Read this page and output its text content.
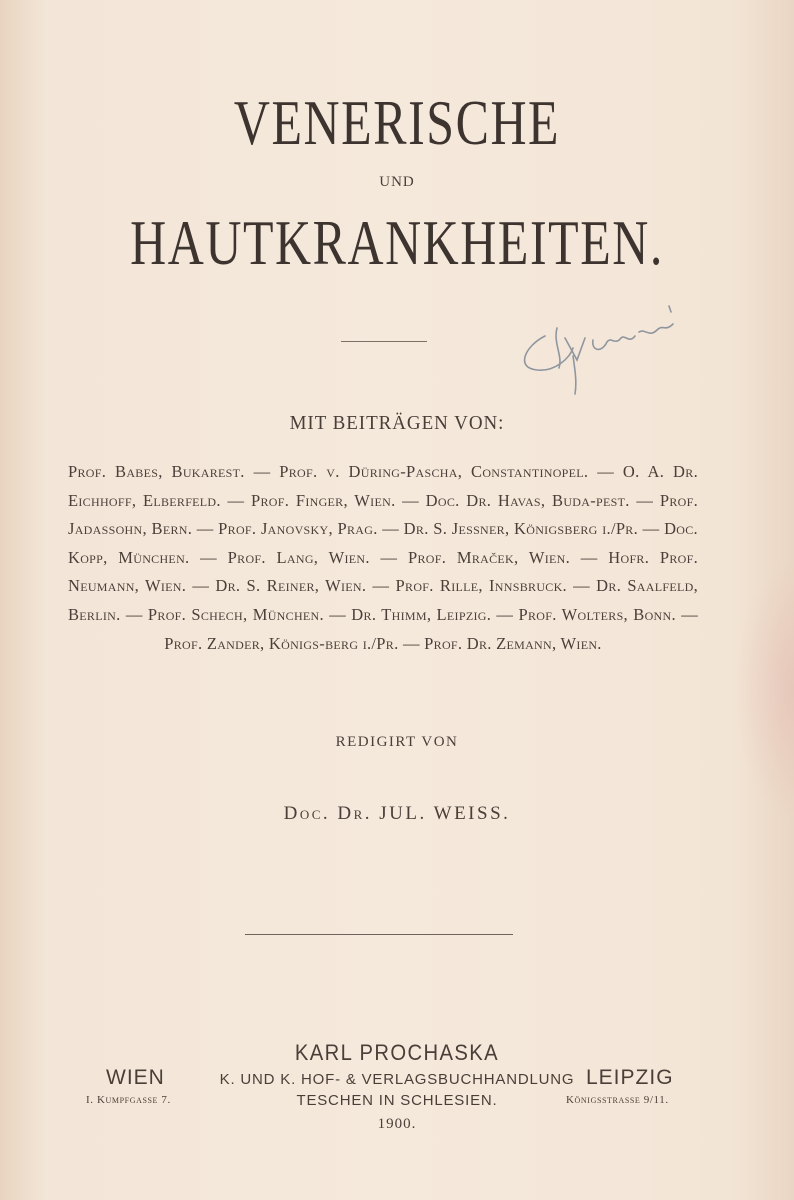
VENERISCHE
UND
HAUTKRANKHEITEN.
MIT BEITRÄGEN VON:
Prof. Babes, Bukarest. — Prof. v. Düring-Pascha, Constantinopel. — O. A. Dr. Eichhoff, Elberfeld. — Prof. Finger, Wien. — Doc. Dr. Havas, Buda-pest. — Prof. Jadassohn, Bern. — Prof. Janovsky, Prag. — Dr. S. Jessner, Königsberg i./Pr. — Doc. Kopp, München. — Prof. Lang, Wien. — Prof. Mraček, Wien. — Hofr. Prof. Neumann, Wien. — Dr. S. Reiner, Wien. — Prof. Rille, Innsbruck. — Dr. Saalfeld, Berlin. — Prof. Schech, München. — Dr. Thimm, Leipzig. — Prof. Wolters, Bonn. — Prof. Zander, Königs-berg i./Pr. — Prof. Dr. Zemann, Wien.
REDIGIRT VON
Doc. Dr. JUL. WEISS.
KARL PROCHASKA
K. UND K. HOF- & VERLAGSBUCHHANDLUNG
TESCHEN IN SCHLESIEN.
1900.
WIEN
I. Kumpfgasse 7.
LEIPZIG
Königsstrasse 9/11.
